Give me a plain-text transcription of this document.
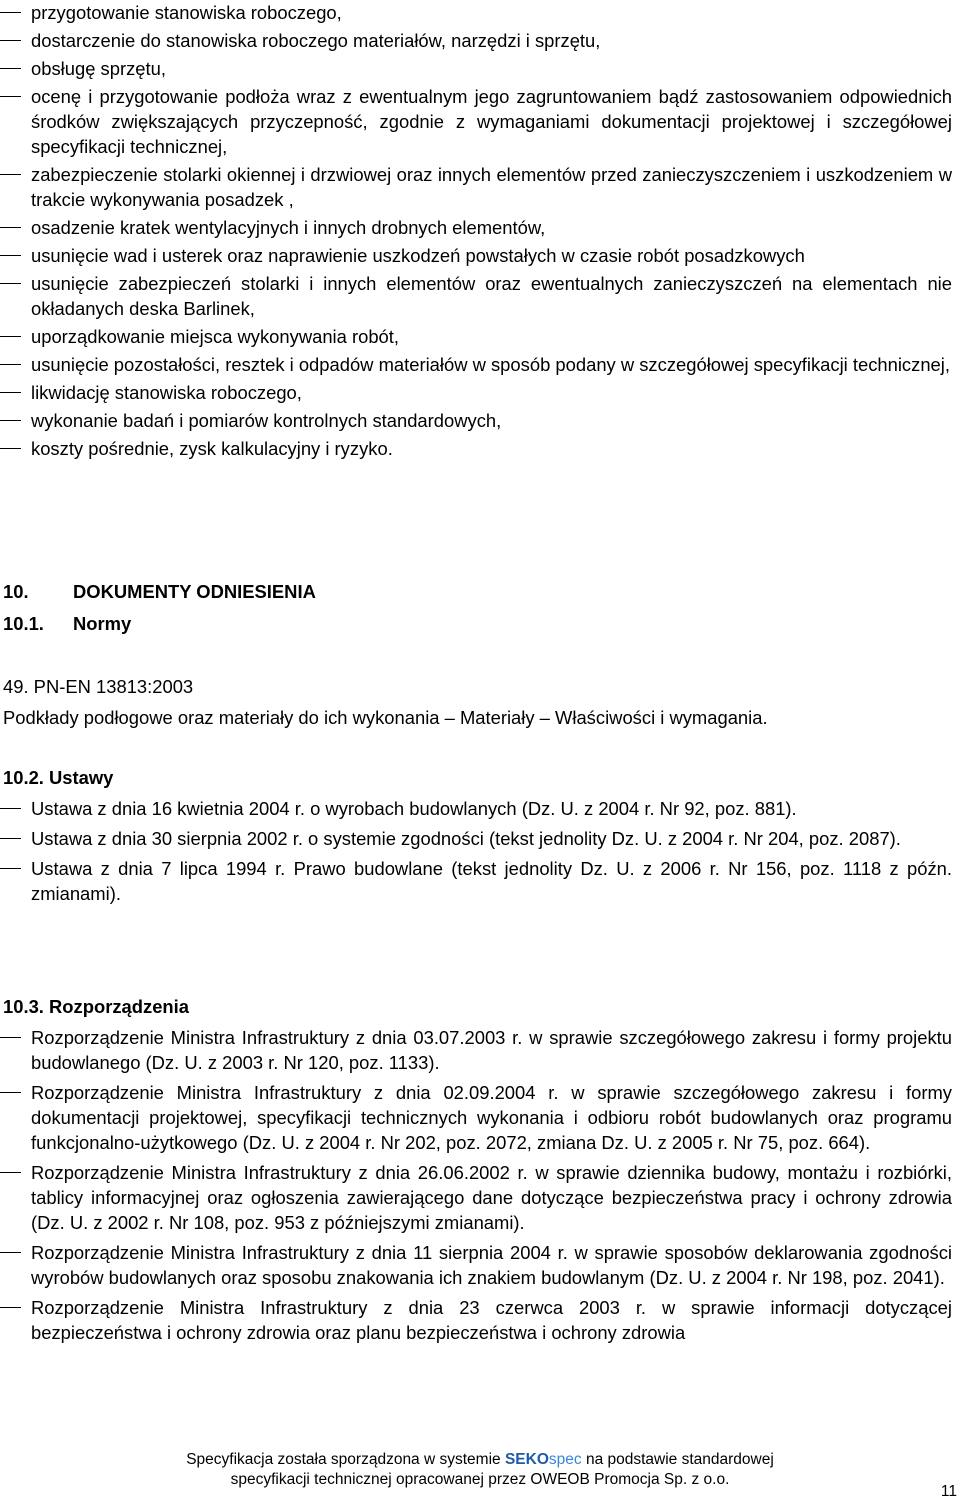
przygotowanie stanowiska roboczego,
dostarczenie do stanowiska roboczego materiałów, narzędzi i sprzętu,
obsługę sprzętu,
ocenę i przygotowanie podłoża wraz z ewentualnym jego zagruntowaniem bądź zastosowaniem odpowiednich środków zwiększających przyczepność, zgodnie z wymaganiami dokumentacji projektowej i szczegółowej specyfikacji technicznej,
zabezpieczenie stolarki okiennej i drzwiowej oraz innych elementów przed zanieczyszczeniem i uszkodzeniem w trakcie wykonywania posadzek ,
osadzenie kratek wentylacyjnych i innych drobnych elementów,
usunięcie wad i usterek oraz naprawienie uszkodzeń powstałych w czasie robót posadzkowych
usunięcie zabezpieczeń stolarki i innych elementów oraz ewentualnych zanieczyszczeń na elementach nie okładanych deska Barlinek,
uporządkowanie miejsca wykonywania robót,
usunięcie pozostałości, resztek i odpadów materiałów w sposób podany w szczegółowej specyfikacji technicznej,
likwidację stanowiska roboczego,
wykonanie badań i pomiarów kontrolnych standardowych,
koszty pośrednie, zysk kalkulacyjny i ryzyko.
10. DOKUMENTY ODNIESIENIA
10.1. Normy
49. PN-EN 13813:2003
Podkłady podłogowe oraz materiały do ich wykonania – Materiały – Właściwości i wymagania.
10.2. Ustawy
Ustawa z dnia 16 kwietnia 2004 r. o wyrobach budowlanych (Dz. U. z 2004 r. Nr 92, poz. 881).
Ustawa z dnia 30 sierpnia 2002 r. o systemie zgodności (tekst jednolity Dz. U. z 2004 r. Nr 204, poz. 2087).
Ustawa z dnia 7 lipca 1994 r. Prawo budowlane (tekst jednolity Dz. U. z 2006 r. Nr 156, poz. 1118 z późn. zmianami).
10.3. Rozporządzenia
Rozporządzenie Ministra Infrastruktury z dnia 03.07.2003 r. w sprawie szczegółowego zakresu i formy projektu budowlanego (Dz. U. z 2003 r. Nr 120, poz. 1133).
Rozporządzenie Ministra Infrastruktury z dnia 02.09.2004 r. w sprawie szczegółowego zakresu i formy dokumentacji projektowej, specyfikacji technicznych wykonania i odbioru robót budowlanych oraz programu funkcjonalno-użytkowego (Dz. U. z 2004 r. Nr 202, poz. 2072, zmiana Dz. U. z 2005 r. Nr 75, poz. 664).
Rozporządzenie Ministra Infrastruktury z dnia 26.06.2002 r. w sprawie dziennika budowy, montażu i rozbiórki, tablicy informacyjnej oraz ogłoszenia zawierającego dane dotyczące bezpieczeństwa pracy i ochrony zdrowia (Dz. U. z 2002 r. Nr 108, poz. 953 z późniejszymi zmianami).
Rozporządzenie Ministra Infrastruktury z dnia 11 sierpnia 2004 r. w sprawie sposobów deklarowania zgodności wyrobów budowlanych oraz sposobu znakowania ich znakiem budowlanym (Dz. U. z 2004 r. Nr 198, poz. 2041).
Rozporządzenie Ministra Infrastruktury z dnia 23 czerwca 2003 r. w sprawie informacji dotyczącej bezpieczeństwa i ochrony zdrowia oraz planu bezpieczeństwa i ochrony zdrowia
Specyfikacja została sporządzona w systemie SEKOspec na podstawie standardowej
specyfikacji technicznej opracowanej przez OWEOB Promocja Sp. z o.o.
11
